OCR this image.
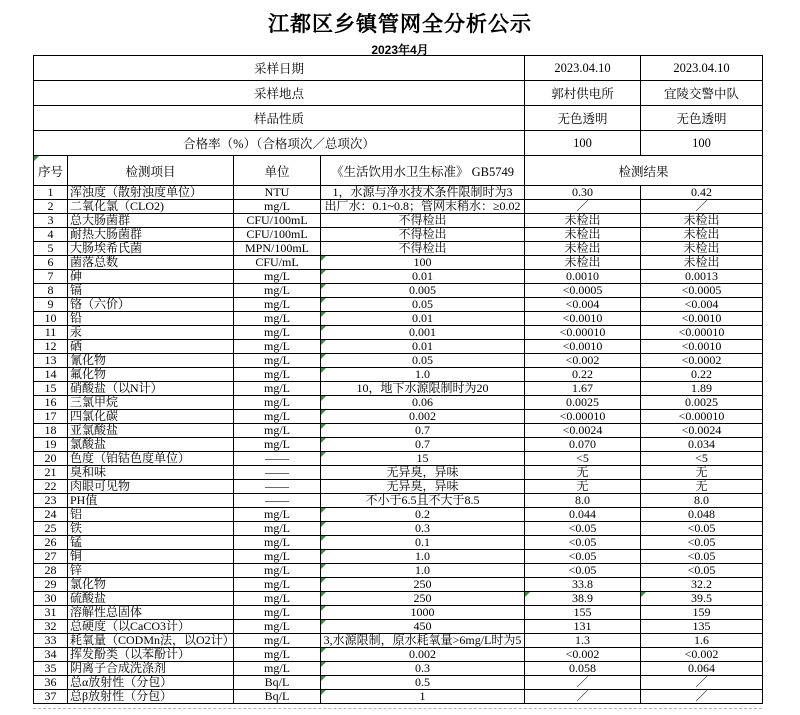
江都区乡镇管网全分析公示
2023年4月
采样日期				2023.04.10	2023.04.10
采样地点				郭村供电所	宜陵交警中队
样品性质				无色透明	无色透明
合格率（%）（合格项次／总项次）				100	100

序号	检测项目	单位	《生活饮用水卫生标准》 GB5749	检测结果	
1	浑浊度（散射浊度单位）	NTU	1，水源与净水技术条件限制时为3	0.30	0.42
2	二氧化氯（CLO2)	mg/L	出厂水：0.1~0.8；管网末稍水：≥0.02	／	／
3	总大肠菌群	CFU/100mL	不得检出	未检出	未检出
4	耐热大肠菌群	CFU/100mL	不得检出	未检出	未检出
5	大肠埃希氏菌	MPN/100mL	不得检出	未检出	未检出
6	菌落总数	CFU/mL	100	未检出	未检出
7	砷	mg/L	0.01	0.0010	0.0013
8	镉	mg/L	0.005	<0.0005	<0.0005
9	铬（六价）	mg/L	0.05	<0.004	<0.004
10	铅	mg/L	0.01	<0.0010	<0.0010
11	汞	mg/L	0.001	<0.00010	<0.00010
12	硒	mg/L	0.01	<0.0010	<0.0010
13	氰化物	mg/L	0.05	<0.002	<0.0002
14	氟化物	mg/L	1.0	0.22	0.22
15	硝酸盐（以N计）	mg/L	10，地下水源限制时为20	1.67	1.89
16	三氯甲烷	mg/L	0.06	0.0025	0.0025
17	四氯化碳	mg/L	0.002	<0.00010	<0.00010
18	亚氯酸盐	mg/L	0.7	<0.0024	<0.0024
19	氯酸盐	mg/L	0.7	0.070	0.034
20	色度（铂钴色度单位）	——	15	<5	<5
21	臭和味	——	无异臭，异味	无	无
22	肉眼可见物	——	无异臭，异味	无	无
23	PH值	——	不小于6.5且不大于8.5	8.0	8.0
24	铝	mg/L	0.2	0.044	0.048
25	铁	mg/L	0.3	<0.05	<0.05
26	锰	mg/L	0.1	<0.05	<0.05
27	铜	mg/L	1.0	<0.05	<0.05
28	锌	mg/L	1.0	<0.05	<0.05
29	氯化物	mg/L	250	33.8	32.2
30	硫酸盐	mg/L	250	38.9	39.5
31	溶解性总固体	mg/L	1000	155	159
32	总硬度（以CaCO3计）	mg/L	450	131	135
33	耗氧量（CODMn法，以O2计）	mg/L	3,水源限制，原水耗氧量>6mg/L时为5	1.3	1.6
34	挥发酚类（以苯酚计）	mg/L	0.002	<0.002	<0.002
35	阴离子合成洗涤剂	mg/L	0.3	0.058	0.064
36	总α放射性（分包）	Bq/L	0.5	／	／
37	总β放射性（分包）	Bq/L	1	／	／
